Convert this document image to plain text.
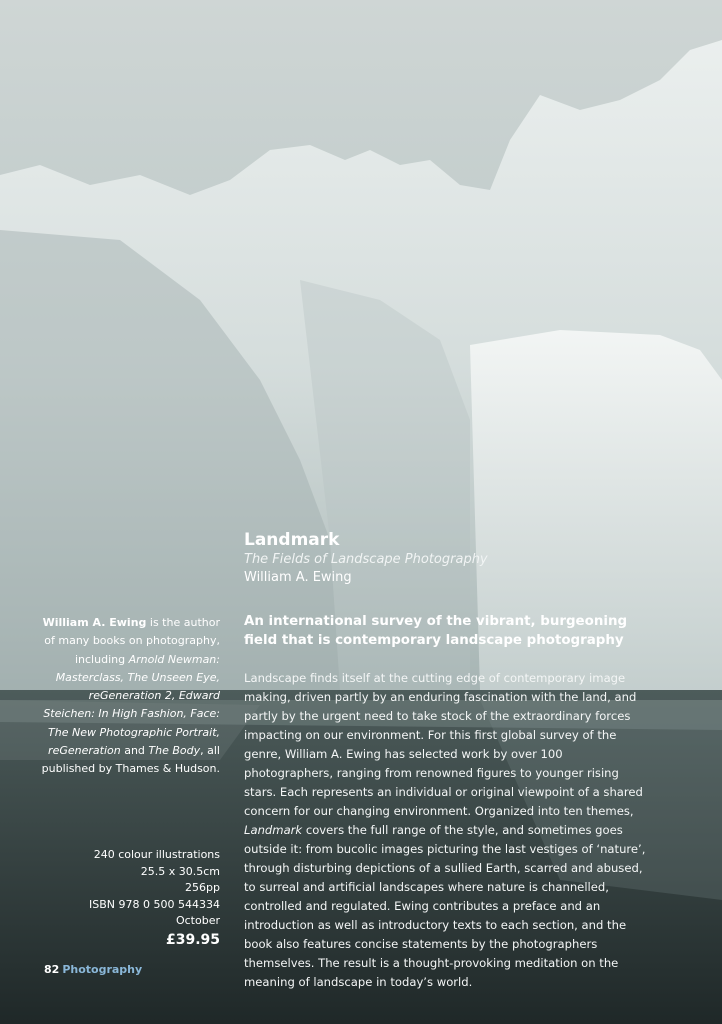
Landmark

The Fields of Landscape Photography

William A. Ewing

An international survey of the vibrant, burgeoning field that is contemporary landscape photography
Landscape finds itself at the cutting edge of contemporary image making, driven partly by an enduring fascination with the land, and partly by the urgent need to take stock of the extraordinary forces impacting on our environment. For this first global survey of the genre, William A. Ewing has selected work by over 100 photographers, ranging from renowned figures to younger rising stars. Each represents an individual or original viewpoint of a shared concern for our changing environment. Organized into ten themes, Landmark covers the full range of the style, and sometimes goes outside it: from bucolic images picturing the last vestiges of ‘nature’, through disturbing depictions of a sullied Earth, scarred and abused, to surreal and artificial landscapes where nature is channelled, controlled and regulated. Ewing contributes a preface and an introduction as well as introductory texts to each section, and the book also features concise statements by the photographers themselves. The result is a thought-provoking meditation on the meaning of landscape in today’s world.
William A. Ewing is the author of many books on photography, including Arnold Newman: Masterclass, The Unseen Eye, reGeneration 2, Edward Steichen: In High Fashion, Face: The New Photographic Portrait, reGeneration and The Body, all published by Thames & Hudson.
240 colour illustrations
25.5 x 30.5cm
256pp
ISBN 978 0 500 544334
October
£39.95
82 Photography
